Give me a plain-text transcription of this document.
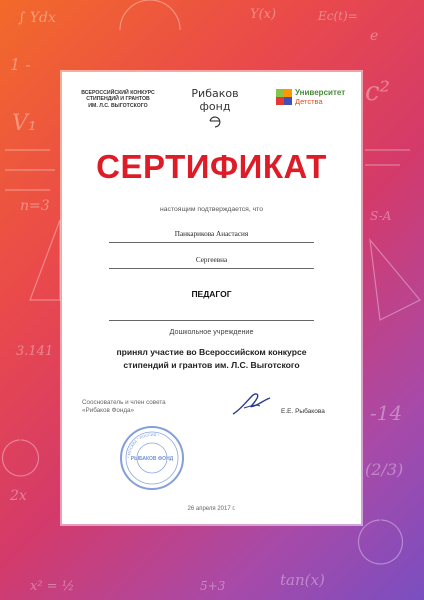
∫ Ydx	Y(x)	Ec(t)=
e
1 -
V₁
c²
n=3
3.141
S-A
-14
(2/3)
tan(x)
x² = ½	5+3
2x
ВСЕРОССИЙСКИЙ КОНКУРС
СТИПЕНДИЙ И ГРАНТОВ
ИМ. Л.С. ВЫГОТСКОГО
Рибаков фонд
Университет
Детства
СЕРТИФИКАТ
настоящим подтверждается, что
Панкарикова Анастасия
Сергеевна
ПЕДАГОГ
Дошкольное учреждение
принял участие во Всероссийском конкурсе
стипендий и грантов им. Л.С. Выготского
Сооснователь и член совета
«Рибаков Фонда»	Е.Е. Рыбакова
РЫБАКОВ ФОНД
* МОСКВА * РОССИЯ *
26 апреля 2017 г.
